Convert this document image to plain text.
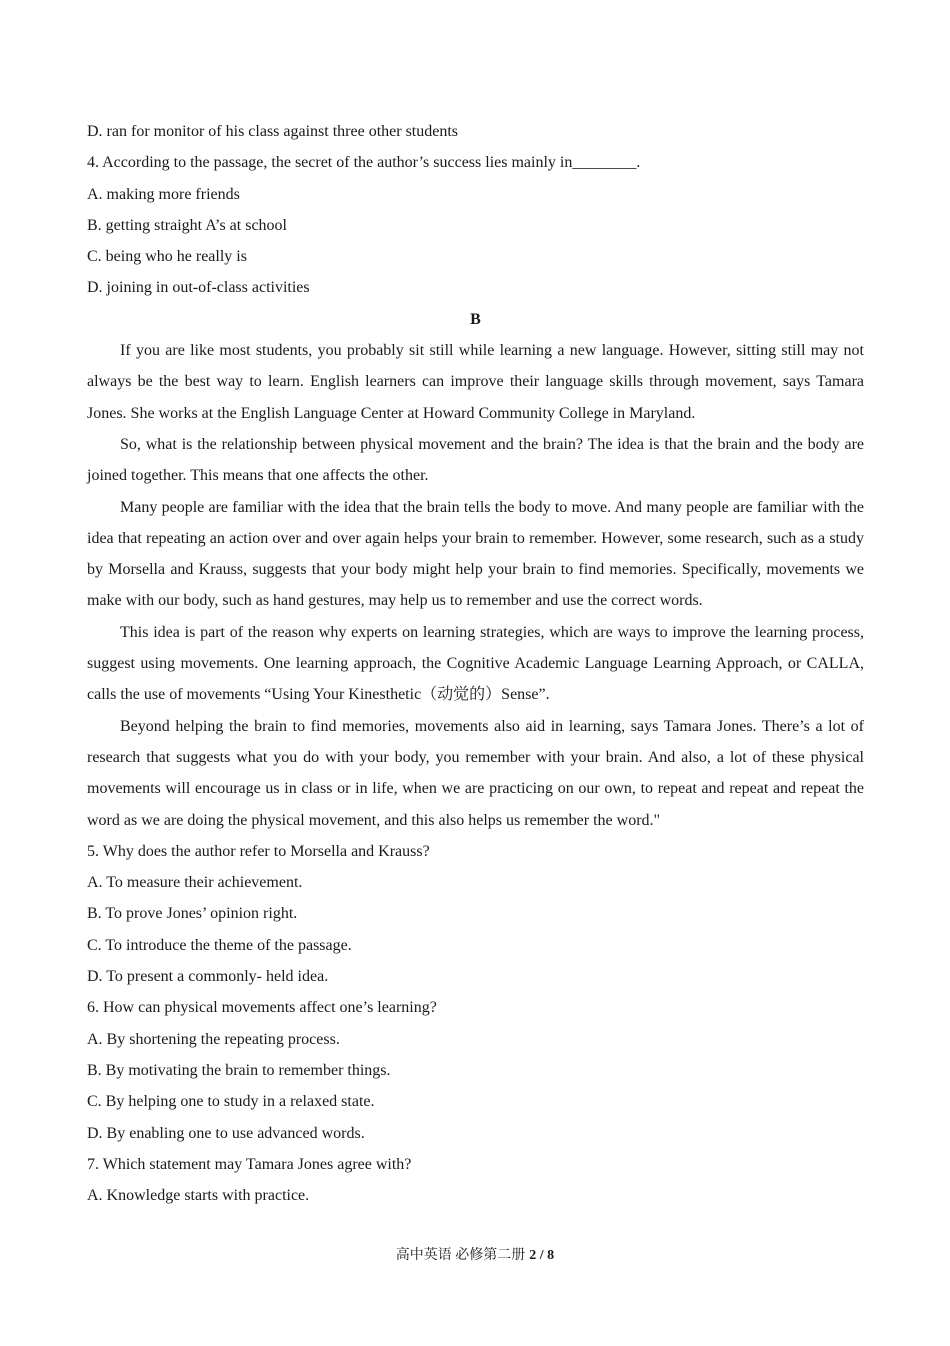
D. ran for monitor of his class against three other students
4. According to the passage, the secret of the author’s success lies mainly in________.
A. making more friends
B. getting straight A’s at school
C. being who he really is
D. joining in out-of-class activities
B
If you are like most students, you probably sit still while learning a new language. However, sitting still may not always be the best way to learn. English learners can improve their language skills through movement, says Tamara Jones. She works at the English Language Center at Howard Community College in Maryland.
So, what is the relationship between physical movement and the brain? The idea is that the brain and the body are joined together. This means that one affects the other.
Many people are familiar with the idea that the brain tells the body to move. And many people are familiar with the idea that repeating an action over and over again helps your brain to remember. However, some research, such as a study by Morsella and Krauss, suggests that your body might help your brain to find memories. Specifically, movements we make with our body, such as hand gestures, may help us to remember and use the correct words.
This idea is part of the reason why experts on learning strategies, which are ways to improve the learning process, suggest using movements. One learning approach, the Cognitive Academic Language Learning Approach, or CALLA, calls the use of movements “Using Your Kinesthetic（动觉的）Sense”.
Beyond helping the brain to find memories, movements also aid in learning, says Tamara Jones. There’s a lot of research that suggests what you do with your body, you remember with your brain. And also, a lot of these physical movements will encourage us in class or in life, when we are practicing on our own, to repeat and repeat and repeat the word as we are doing the physical movement, and this also helps us remember the word."
5. Why does the author refer to Morsella and Krauss?
A. To measure their achievement.
B. To prove Jones’ opinion right.
C. To introduce the theme of the passage.
D. To present a commonly- held idea.
6. How can physical movements affect one’s learning?
A. By shortening the repeating process.
B. By motivating the brain to remember things.
C. By helping one to study in a relaxed state.
D. By enabling one to use advanced words.
7. Which statement may Tamara Jones agree with?
A. Knowledge starts with practice.
高中英语 必修第二册 2 / 8
